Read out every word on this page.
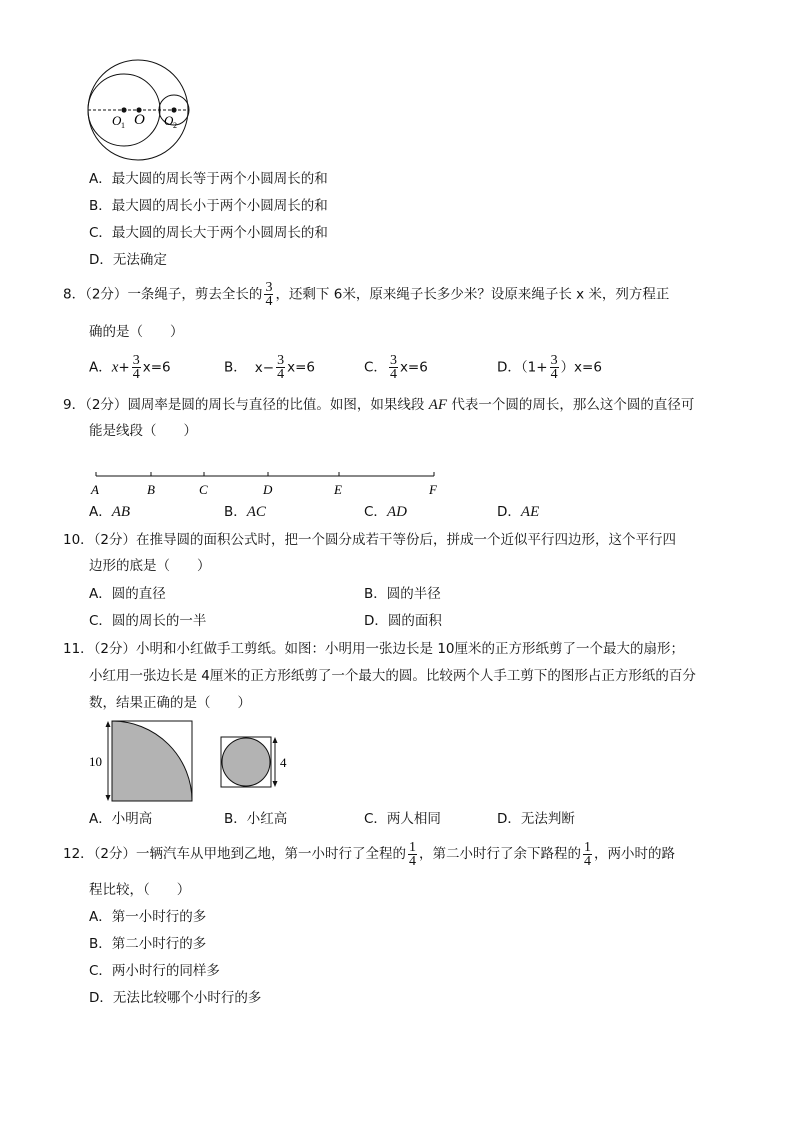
O 1 O O 2
A．最大圆的周长等于两个小圆周长的和
B．最大圆的周长小于两个小圆周长的和
C．最大圆的周长大于两个小圆周长的和
D．无法确定
8．（2分）一条绳子，剪去全长的 $\frac{3}{4}$ ，还剩下 6米，原来绳子长多少米？设原来绳子长 x 米，列方程正
确的是（　　）
A．$x+ \frac{3}{4} x=6$	B． $x- \frac{3}{4} x=6$	C． $\frac{3}{4} x=6$	D．$(1+ \frac{3}{4} )x=6$
9．（2分）圆周率是圆的周长与直径的比值。如图，如果线段 AF 代表一个圆的周长，那么这个圆的直径可
能是线段（　　）
A	B	C	D	E	F
A．AB	B．AC	C．AD	D．AE
10．（2分）在推导圆的面积公式时，把一个圆分成若干等份后，拼成一个近似平行四边形，这个平行四
边形的底是（　　）
A．圆的直径	B．圆的半径
C．圆的周长的一半	D．圆的面积
11．（2分）小明和小红做手工剪纸。如图：小明用一张边长是 10厘米的正方形纸剪了一个最大的扇形；
小红用一张边长是 4厘米的正方形纸剪了一个最大的圆。比较两个人手工剪下的图形占正方形纸的百分
数，结果正确的是（　　）
10	4
A．小明高	B．小红高	C．两人相同	D．无法判断
12．（2分）一辆汽车从甲地到乙地，第一小时行了全程的 $\frac{1}{4}$ ，第二小时行了余下路程的 $\frac{1}{4}$ ，两小时的路
程比较，（　　）
A．第一小时行的多
B．第二小时行的多
C．两小时行的同样多
D．无法比较哪个小时行的多
